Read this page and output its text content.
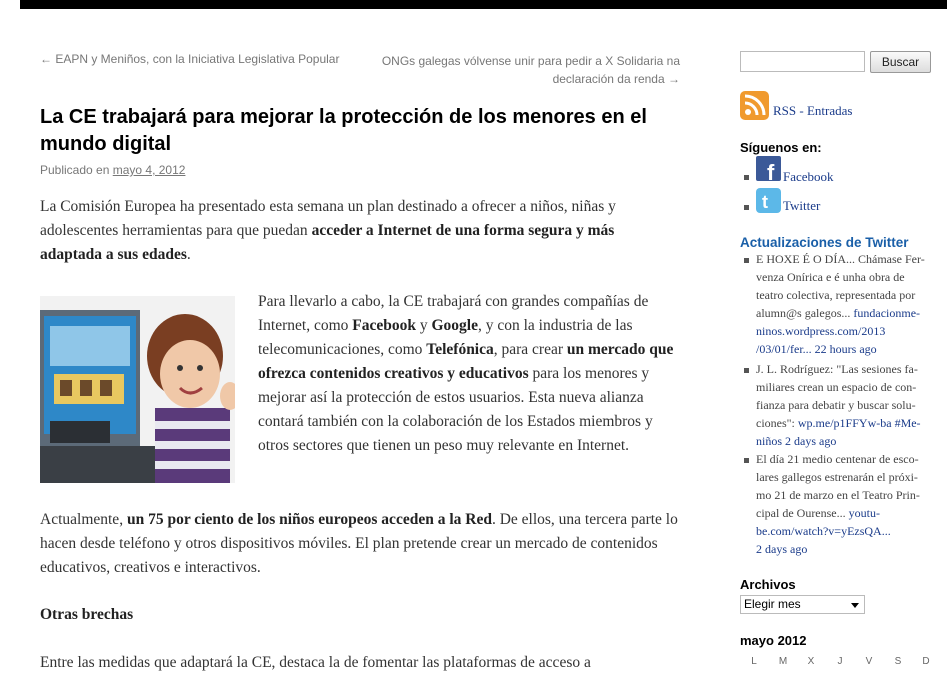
← EAPN y Meniños, con la Iniciativa Legislativa Popular	ONGs galegas vólvense unir para pedir a X Solidaria na declaración da renda →
La CE trabajará para mejorar la protección de los menores en el mundo digital
Publicado en mayo 4, 2012

La Comisión Europea ha presentado esta semana un plan destinado a ofrecer a niños, niñas y adolescentes herramientas para que puedan acceder a Internet de una forma segura y más adaptada a sus edades.

Para llevarlo a cabo, la CE trabajará con grandes compañías de Internet, como Facebook y Google, y con la industria de las telecomunicaciones, como Telefónica, para crear un mercado que ofrezca contenidos creativos y educativos para los menores y mejorar así la protección de estos usuarios. Esta nueva alianza contará también con la colaboración de los Estados miembros y otros sectores que tienen un peso muy relevante en Internet.

Actualmente, un 75 por ciento de los niños europeos acceden a la Red. De ellos, una tercera parte lo hacen desde teléfono y otros dispositivos móviles. El plan pretende crear un mercado de contenidos educativos, creativos e interactivos.

Otras brechas

Entre las medidas que adaptará la CE, destaca la de fomentar las plataformas de acceso a

Buscar
RSS - Entradas
Síguenos en:
f Facebook
t Twitter
Actualizaciones de Twitter
E HOXE É O DÍA... Chámase Fer-
venza Onírica e é unha obra de
teatro colectiva, representada por
alumn@s galegos... fundacionme-
ninos.wordpress.com/2013
/03/01/fer... 22 hours ago
J. L. Rodríguez: "Las sesiones fa-
miliares crean un espacio de con-
fianza para debatir y buscar solu-
ciones": wp.me/p1FFYw-ba #Me-
niños 2 days ago
El día 21 medio centenar de esco-
lares gallegos estrenarán el próxi-
mo 21 de marzo en el Teatro Prin-
cipal de Ourense... youtu-
be.com/watch?v=yEzsQA...
2 days ago
Archivos
Elegir mes
mayo 2012
L	M X	J	V S D
